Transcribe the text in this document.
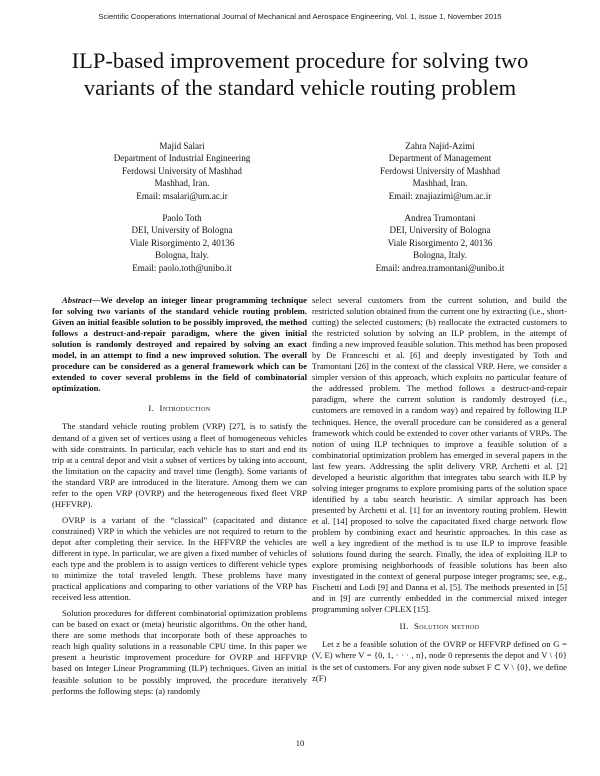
Scientific Cooperations International Journal of Mechanical and Aerospace Engineering, Vol. 1, Issue 1, November 2015
ILP-based improvement procedure for solving two
variants of the standard vehicle routing problem
Majid Salari
Department of Industrial Engineering
Ferdowsi University of Mashhad
Mashhad, Iran.
Email: msalari@um.ac.ir
Zahra Najid-Azimi
Department of Management
Ferdowsi University of Mashhad
Mashhad, Iran.
Email: znajiazimi@um.ac.ir
Paolo Toth
DEI, University of Bologna
Viale Risorgimento 2, 40136
Bologna, Italy.
Email: paolo.toth@unibo.it
Andrea Tramontani
DEI, University of Bologna
Viale Risorgimento 2, 40136
Bologna, Italy.
Email: andrea.tramontani@unibo.it

Abstract—We develop an integer linear programming technique for solving two variants of the standard vehicle routing problem. Given an initial feasible solution to be possibly improved, the method follows a destruct-and-repair paradigm, where the given initial solution is randomly destroyed and repaired by solving an exact model, in an attempt to find a new improved solution. The overall procedure can be considered as a general framework which can be extended to cover several problems in the field of combinatorial optimization.

I. Introduction

The standard vehicle routing problem (VRP) [27], is to satisfy the demand of a given set of vertices using a fleet of homogeneous vehicles with side constraints. In particular, each vehicle has to start and end its trip at a central depot and visit a subset of vertices by taking into account, the limitation on the capacity and travel time (length). Some variants of the standard VRP are introduced in the literature. Among them we can refer to the open VRP (OVRP) and the heterogeneous fixed fleet VRP (HFFVRP).

OVRP is a variant of the “classical” (capacitated and distance constrained) VRP in which the vehicles are not required to return to the depot after completing their service. In the HFFVRP the vehicles are different in type. In particular, we are given a fixed number of vehicles of each type and the problem is to assign vertices to different vehicle types to minimize the total traveled length. These problems have many practical applications and comparing to other variations of the VRP has received less attention.

Solution procedures for different combinatorial optimization problems can be based on exact or (meta) heuristic algorithms. On the other hand, there are some methods that incorporate both of these approaches to reach high quality solutions in a reasonable CPU time. In this paper we present a heuristic improvement procedure for OVRP and HFFVRP based on Integer Linear Programming (ILP) techniques. Given an initial feasible solution to be possibly improved, the procedure iteratively performs the following steps: (a) randomly

select several customers from the current solution, and build the restricted solution obtained from the current one by extracting (i.e., short-cutting) the selected customers; (b) reallocate the extracted customers to the restricted solution by solving an ILP problem, in the attempt of finding a new improved feasible solution. This method has been proposed by De Franceschi et al. [6] and deeply investigated by Toth and Tramontani [26] in the context of the classical VRP. Here, we consider a simpler version of this approach, which exploits no particular feature of the addressed problem. The method follows a destruct-and-repair paradigm, where the current solution is randomly destroyed (i.e., customers are removed in a random way) and repaired by following ILP techniques. Hence, the overall procedure can be considered as a general framework which could be extended to cover other variants of VRPs. The notion of using ILP techniques to improve a feasible solution of a combinatorial optimization problem has emerged in several papers in the last few years. Addressing the split delivery VRP, Archetti et al. [2] developed a heuristic algorithm that integrates tabu search with ILP by solving integer programs to explore promising parts of the solution space identified by a tabu search heuristic. A similar approach has been presented by Archetti et al. [1] for an inventory routing problem. Hewitt et al. [14] proposed to solve the capacitated fixed charge network flow problem by combining exact and heuristic approaches. In this case as well a key ingredient of the method is to use ILP to improve feasible solutions found during the search. Finally, the idea of exploiting ILP to explore promising neighborhoods of feasible solutions has been also investigated in the context of general purpose integer programs; see, e.g., Fischetti and Lodi [9] and Danna et al. [5]. The methods presented in [5] and in [9] are currently embedded in the commercial mixed integer programming solver CPLEX [15].

II. Solution method

Let z be a feasible solution of the OVRP or HFFVRP defined on G = (V, E) where V = {0, 1, · · · , n}, node 0 represents the depot and V \ {0} is the set of customers. For any given node subset F ⊂ V \ {0}, we define z(F)

10
